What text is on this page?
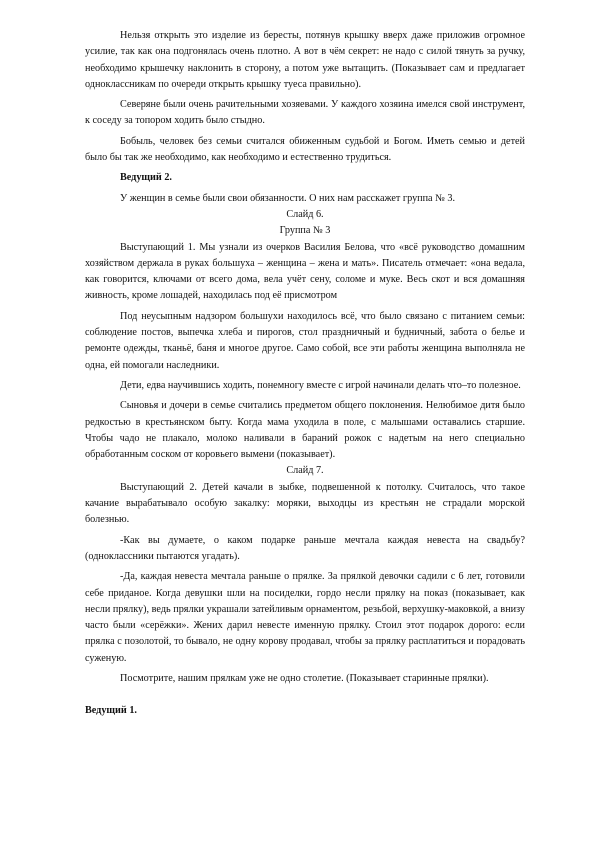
Нельзя открыть это изделие из бересты, потянув крышку вверх даже приложив огромное усилие, так как она подгонялась очень плотно. А вот в чём секрет: не надо с силой тянуть за ручку, необходимо крышечку наклонить в сторону, а потом уже вытащить. (Показывает сам и предлагает одноклассникам по очереди открыть крышку туеса правильно).

Северяне были очень рачительными хозяевами. У каждого хозяина имелся свой инструмент, к соседу за топором ходить было стыдно.

Бобыль, человек без семьи считался обиженным судьбой и Богом. Иметь семью и детей было бы так же необходимо, как необходимо и естественно трудиться.

Ведущий 2.

У женщин в семье были свои обязанности. О них нам расскажет группа № 3.

Слайд 6.

Группа № 3

Выступающий 1. Мы узнали из очерков Василия Белова, что «всё руководство домашним хозяйством держала в руках большуха – женщина – жена и мать». Писатель отмечает: «она ведала, как говорится, ключами от всего дома, вела учёт сену, соломе и муке. Весь скот и вся домашняя живность, кроме лошадей, находилась под её присмотром

Под неусыпным надзором большухи находилось всё, что было связано с питанием семьи: соблюдение постов, выпечка хлеба и пирогов, стол праздничный и будничный, забота о белье и ремонте одежды, тканьё, баня и многое другое. Само собой, все эти работы женщина выполняла не одна, ей помогали наследники.

Дети, едва научившись ходить, понемногу вместе с игрой начинали делать что–то полезное.

Сыновья и дочери в семье считались предметом общего поклонения. Нелюбимое дитя было редкостью в крестьянском быту. Когда мама уходила в поле, с малышами оставались старшие. Чтобы чадо не плакало, молоко наливали в бараний рожок с надетым на него специально обработанным соском от коровьего вымени (показывает).

Слайд 7.

Выступающий 2. Детей качали в зыбке, подвешенной к потолку. Считалось, что такое качание вырабатывало особую закалку: моряки, выходцы из крестьян не страдали морской болезнью.

-Как вы думаете, о каком подарке раньше мечтала каждая невеста на свадьбу? (одноклассники пытаются угадать).

-Да, каждая невеста мечтала раньше о прялке. За прялкой девочки садили с 6 лет, готовили себе приданое. Когда девушки шли на посиделки, гордо несли прялку на показ (показывает, как несли прялку), ведь прялки украшали затейливым орнаментом, резьбой, верхушку-маковкой, а внизу часто были «серёжки». Жених дарил невесте именную прялку. Стоил этот подарок дорого: если прялка с позолотой, то бывало, не одну корову продавал, чтобы за прялку расплатиться и порадовать суженую.

Посмотрите, нашим прялкам уже не одно столетие. (Показывает старинные прялки).

Ведущий 1.
